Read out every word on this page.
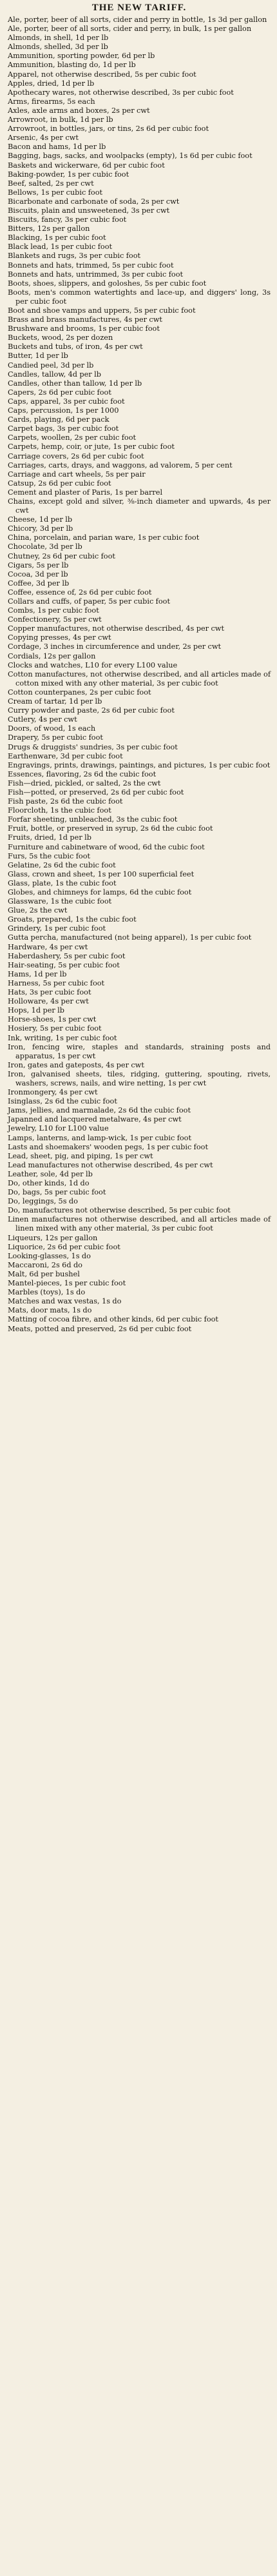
THE NEW TARIFF.
Ale, porter, beer of all sorts, cider and perry in bottle, 1s 3d per gallon
Ale, porter, beer of all sorts, cider and perry, in bulk, 1s per gallon
Almonds, in shell, 1d per lb
Almonds, shelled, 3d per lb
Ammunition, sporting powder, 6d per lb
Ammunition, blasting do, 1d per lb
Apparel, not otherwise described, 5s per cubic foot
Apples, dried, 1d per lb
Apothecary wares, not otherwise described, 3s per cubic foot
Arms, firearms, 5s each
Axles, axle arms and boxes, 2s per cwt
Arrowroot, in bulk, 1d per lb
Arrowroot, in bottles, jars, or tins, 2s 6d per cubic foot
Arsenic, 4s per cwt
Bacon and hams, 1d per lb
Bagging, bags, sacks, and woolpacks (empty), 1s 6d per cubic foot
Baskets and wickerware, 6d per cubic foot
Baking-powder, 1s per cubic foot
Beef, salted, 2s per cwt
Bellows, 1s per cubic foot
Bicarbonate and carbonate of soda, 2s per cwt
Biscuits, plain and unsweetened, 3s per cwt
Biscuits, fancy, 3s per cubic foot
Bitters, 12s per gallon
Blacking, 1s per cubic foot
Black lead, 1s per cubic foot
Blankets and rugs, 3s per cubic foot
Bonnets and hats, trimmed, 5s per cubic foot
Bonnets and hats, untrimmed, 3s per cubic foot
Boots, shoes, slippers, and goloshes, 5s per cubic foot
Boots, men's common watertights and lace-up, and diggers' long, 3s per cubic foot
Boot and shoe vamps and uppers, 5s per cubic foot
Brass and brass manufactures, 4s per cwt
Brushware and brooms, 1s per cubic foot
Buckets, wood, 2s per dozen
Buckets and tubs, of iron, 4s per cwt
Butter, 1d per lb
Candied peel, 3d per lb
Candles, tallow, 4d per lb
Candles, other than tallow, 1d per lb
Capers, 2s 6d per cubic foot
Caps, apparel, 3s per cubic foot
Caps, percussion, 1s per 1000
Cards, playing, 6d per pack
Carpet bags, 3s per cubic foot
Carpets, woollen, 2s per cubic foot
Carpets, hemp, coir, or jute, 1s per cubic foot
Carriage covers, 2s 6d per cubic foot
Carriages, carts, drays, and waggons, ad valorem, 5 per cent
Carriage and cart wheels, 5s per pair
Catsup, 2s 6d per cubic foot
Cement and plaster of Paris, 1s per barrel
Chains, except gold and silver, ⅜-inch diameter and upwards, 4s per cwt
Cheese, 1d per lb
Chicory, 3d per lb
China, porcelain, and parian ware, 1s per cubic foot
Chocolate, 3d per lb
Chutney, 2s 6d per cubic foot
Cigars, 5s per lb
Cocoa, 3d per lb
Coffee, 3d per lb
Coffee, essence of, 2s 6d per cubic foot
Collars and cuffs, of paper, 5s per cubic foot
Combs, 1s per cubic foot
Confectionery, 5s per cwt
Copper manufactures, not otherwise described, 4s per cwt
Copying presses, 4s per cwt
Cordage, 3 inches in circumference and under, 2s per cwt
Cordials, 12s per gallon
Clocks and watches, L10 for every L100 value
Cotton manufactures, not otherwise described, and all articles made of cotton mixed with any other material, 3s per cubic foot
Cotton counterpanes, 2s per cubic foot
Cream of tartar, 1d per lb
Curry powder and paste, 2s 6d per cubic foot
Cutlery, 4s per cwt
Doors, of wood, 1s each
Drapery, 5s per cubic foot
Drugs & druggists' sundries, 3s per cubic foot
Earthenware, 3d per cubic foot
Engravings, prints, drawings, paintings, and pictures, 1s per cubic foot
Essences, flavoring, 2s 6d the cubic foot
Fish—dried, pickled, or salted, 2s the cwt
Fish—potted, or preserved, 2s 6d per cubic foot
Fish paste, 2s 6d the cubic foot
Floorcloth, 1s the cubic foot
Forfar sheeting, unbleached, 3s the cubic foot
Fruit, bottle, or preserved in syrup, 2s 6d the cubic foot
Fruits, dried, 1d per lb
Furniture and cabinetware of wood, 6d the cubic foot
Furs, 5s the cubic foot
Gelatine, 2s 6d the cubic foot
Glass, crown and sheet, 1s per 100 superficial feet
Glass, plate, 1s the cubic foot
Globes, and chimneys for lamps, 6d the cubic foot
Glassware, 1s the cubic foot
Glue, 2s the cwt
Groats, prepared, 1s the cubic foot
Grindery, 1s per cubic foot
Gutta percha, manufactured (not being apparel), 1s per cubic foot
Hardware, 4s per cwt
Haberdashery, 5s per cubic foot
Hair-seating, 5s per cubic foot
Hams, 1d per lb
Harness, 5s per cubic foot
Hats, 3s per cubic foot
Holloware, 4s per cwt
Hops, 1d per lb
Horse-shoes, 1s per cwt
Hosiery, 5s per cubic foot
Ink, writing, 1s per cubic foot
Iron, fencing wire, staples and standards, straining posts and apparatus, 1s per cwt
Iron, gates and gateposts, 4s per cwt
Iron, galvanised sheets, tiles, ridging, guttering, spouting, rivets, washers, screws, nails, and wire netting, 1s per cwt
Ironmongery, 4s per cwt
Isinglass, 2s 6d the cubic foot
Jams, jellies, and marmalade, 2s 6d the cubic foot
Japanned and lacquered metalware, 4s per cwt
Jewelry, L10 for L100 value
Lamps, lanterns, and lamp-wick, 1s per cubic foot
Lasts and shoemakers' wooden pegs, 1s per cubic foot
Lead, sheet, pig, and piping, 1s per cwt
Lead manufactures not otherwise described, 4s per cwt
Leather, sole, 4d per lb
Do, other kinds, 1d do
Do, bags, 5s per cubic foot
Do, leggings, 5s do
Do, manufactures not otherwise described, 5s per cubic foot
Linen manufactures not otherwise described, and all articles made of linen mixed with any other material, 3s per cubic foot
Liqueurs, 12s per gallon
Liquorice, 2s 6d per cubic foot
Looking-glasses, 1s do
Maccaroni, 2s 6d do
Malt, 6d per bushel
Mantel-pieces, 1s per cubic foot
Marbles (toys), 1s do
Matches and wax vestas, 1s do
Mats, door mats, 1s do
Matting of cocoa fibre, and other kinds, 6d per cubic foot
Meats, potted and preserved, 2s 6d per cubic foot
